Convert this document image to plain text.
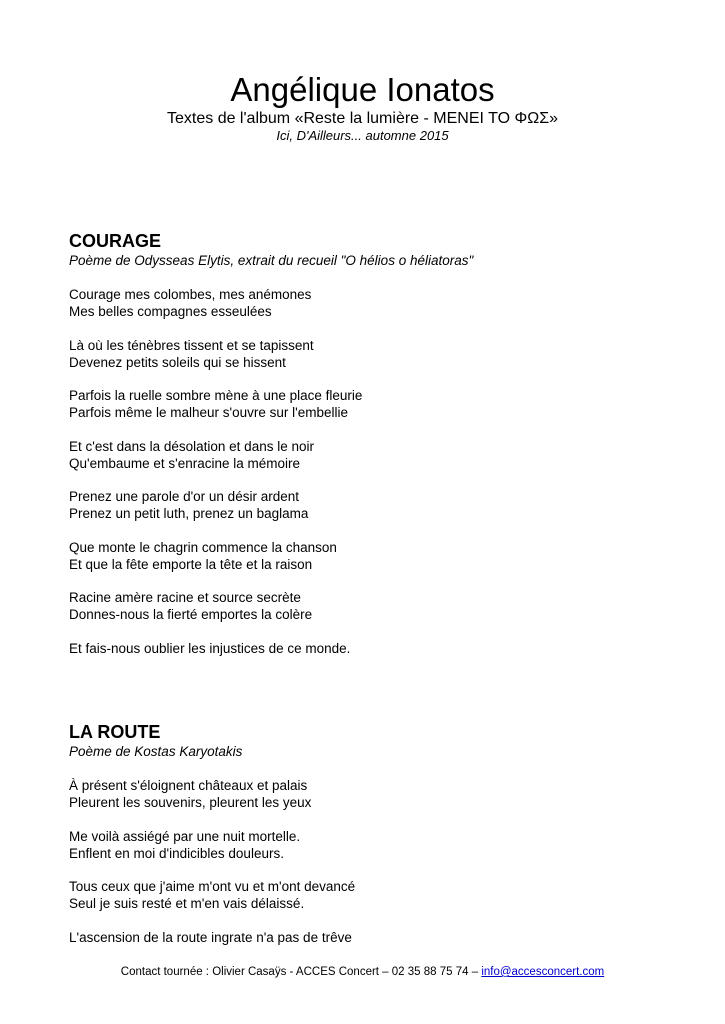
Angélique Ionatos
Textes de l'album «Reste la lumière - MENEI TO ΦΩΣ»
Ici, D'Ailleurs... automne 2015
COURAGE
Poème de Odysseas Elytis, extrait du recueil "O hélios o héliatoras"
Courage mes colombes, mes anémones
Mes belles compagnes esseulées
Là où les ténèbres tissent et se tapissent
Devenez petits soleils qui se hissent
Parfois la ruelle sombre mène à une place fleurie
Parfois même le malheur s'ouvre sur l'embellie
Et c'est dans la désolation et dans le noir
Qu'embaume et s'enracine la mémoire
Prenez une parole d'or un désir ardent
Prenez un petit luth, prenez un baglama
Que monte le chagrin commence la chanson
Et que la fête emporte la tête et la raison
Racine amère racine et source secrète
Donnes-nous la fierté emportes la colère
Et fais-nous oublier les injustices de ce monde.
LA ROUTE
Poème de Kostas Karyotakis
À présent s'éloignent châteaux et palais
Pleurent les souvenirs, pleurent les yeux
Me voilà assiégé par une nuit mortelle.
Enflent en moi d'indicibles douleurs.
Tous ceux que j'aime m'ont vu et m'ont devancé
Seul je suis resté et m'en vais délaissé.
L'ascension de la route ingrate n'a pas de trêve
Contact tournée : Olivier Casaÿs - ACCES Concert – 02 35 88 75 74 – info@accesconcert.com
